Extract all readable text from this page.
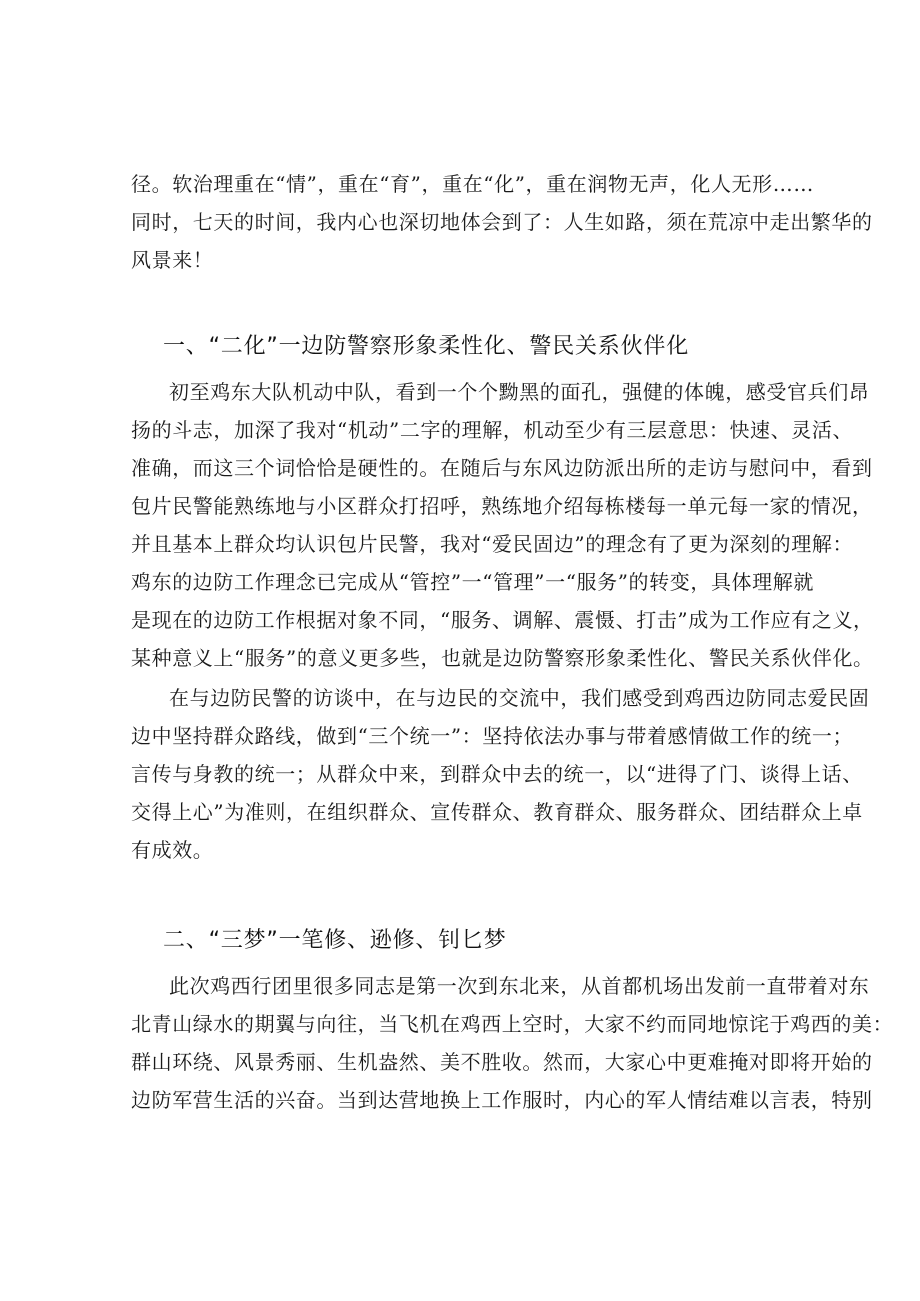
径。软治理重在“情”，重在“育”，重在“化”，重在润物无声，化人无形……
同时，七天的时间，我内心也深切地体会到了：人生如路，须在荒凉中走出繁华的
风景来！
一、“二化”一边防警察形象柔性化、警民关系伙伴化
初至鸡东大队机动中队，看到一个个黝黑的面孔，强健的体魄，感受官兵们昂
扬的斗志，加深了我对“机动”二字的理解，机动至少有三层意思：快速、灵活、
准确，而这三个词恰恰是硬性的。在随后与东风边防派出所的走访与慰问中，看到
包片民警能熟练地与小区群众打招呼，熟练地介绍每栋楼每一单元每一家的情况，
并且基本上群众均认识包片民警，我对“爱民固边”的理念有了更为深刻的理解：
鸡东的边防工作理念已完成从“管控”一“管理”一“服务”的转变，具体理解就
是现在的边防工作根据对象不同，“服务、调解、震慑、打击”成为工作应有之义，
某种意义上“服务”的意义更多些，也就是边防警察形象柔性化、警民关系伙伴化。
在与边防民警的访谈中，在与边民的交流中，我们感受到鸡西边防同志爱民固
边中坚持群众路线，做到“三个统一”：坚持依法办事与带着感情做工作的统一；
言传与身教的统一；从群众中来，到群众中去的统一，以“进得了门、谈得上话、
交得上心”为准则，在组织群众、宣传群众、教育群众、服务群众、团结群众上卓
有成效。
二、“三梦”一笔修、逊修、钊匕梦
此次鸡西行团里很多同志是第一次到东北来，从首都机场出发前一直带着对东
北青山绿水的期翼与向往，当飞机在鸡西上空时，大家不约而同地惊诧于鸡西的美：
群山环绕、风景秀丽、生机盎然、美不胜收。然而，大家心中更难掩对即将开始的
边防军营生活的兴奋。当到达营地换上工作服时，内心的军人情结难以言表，特别
